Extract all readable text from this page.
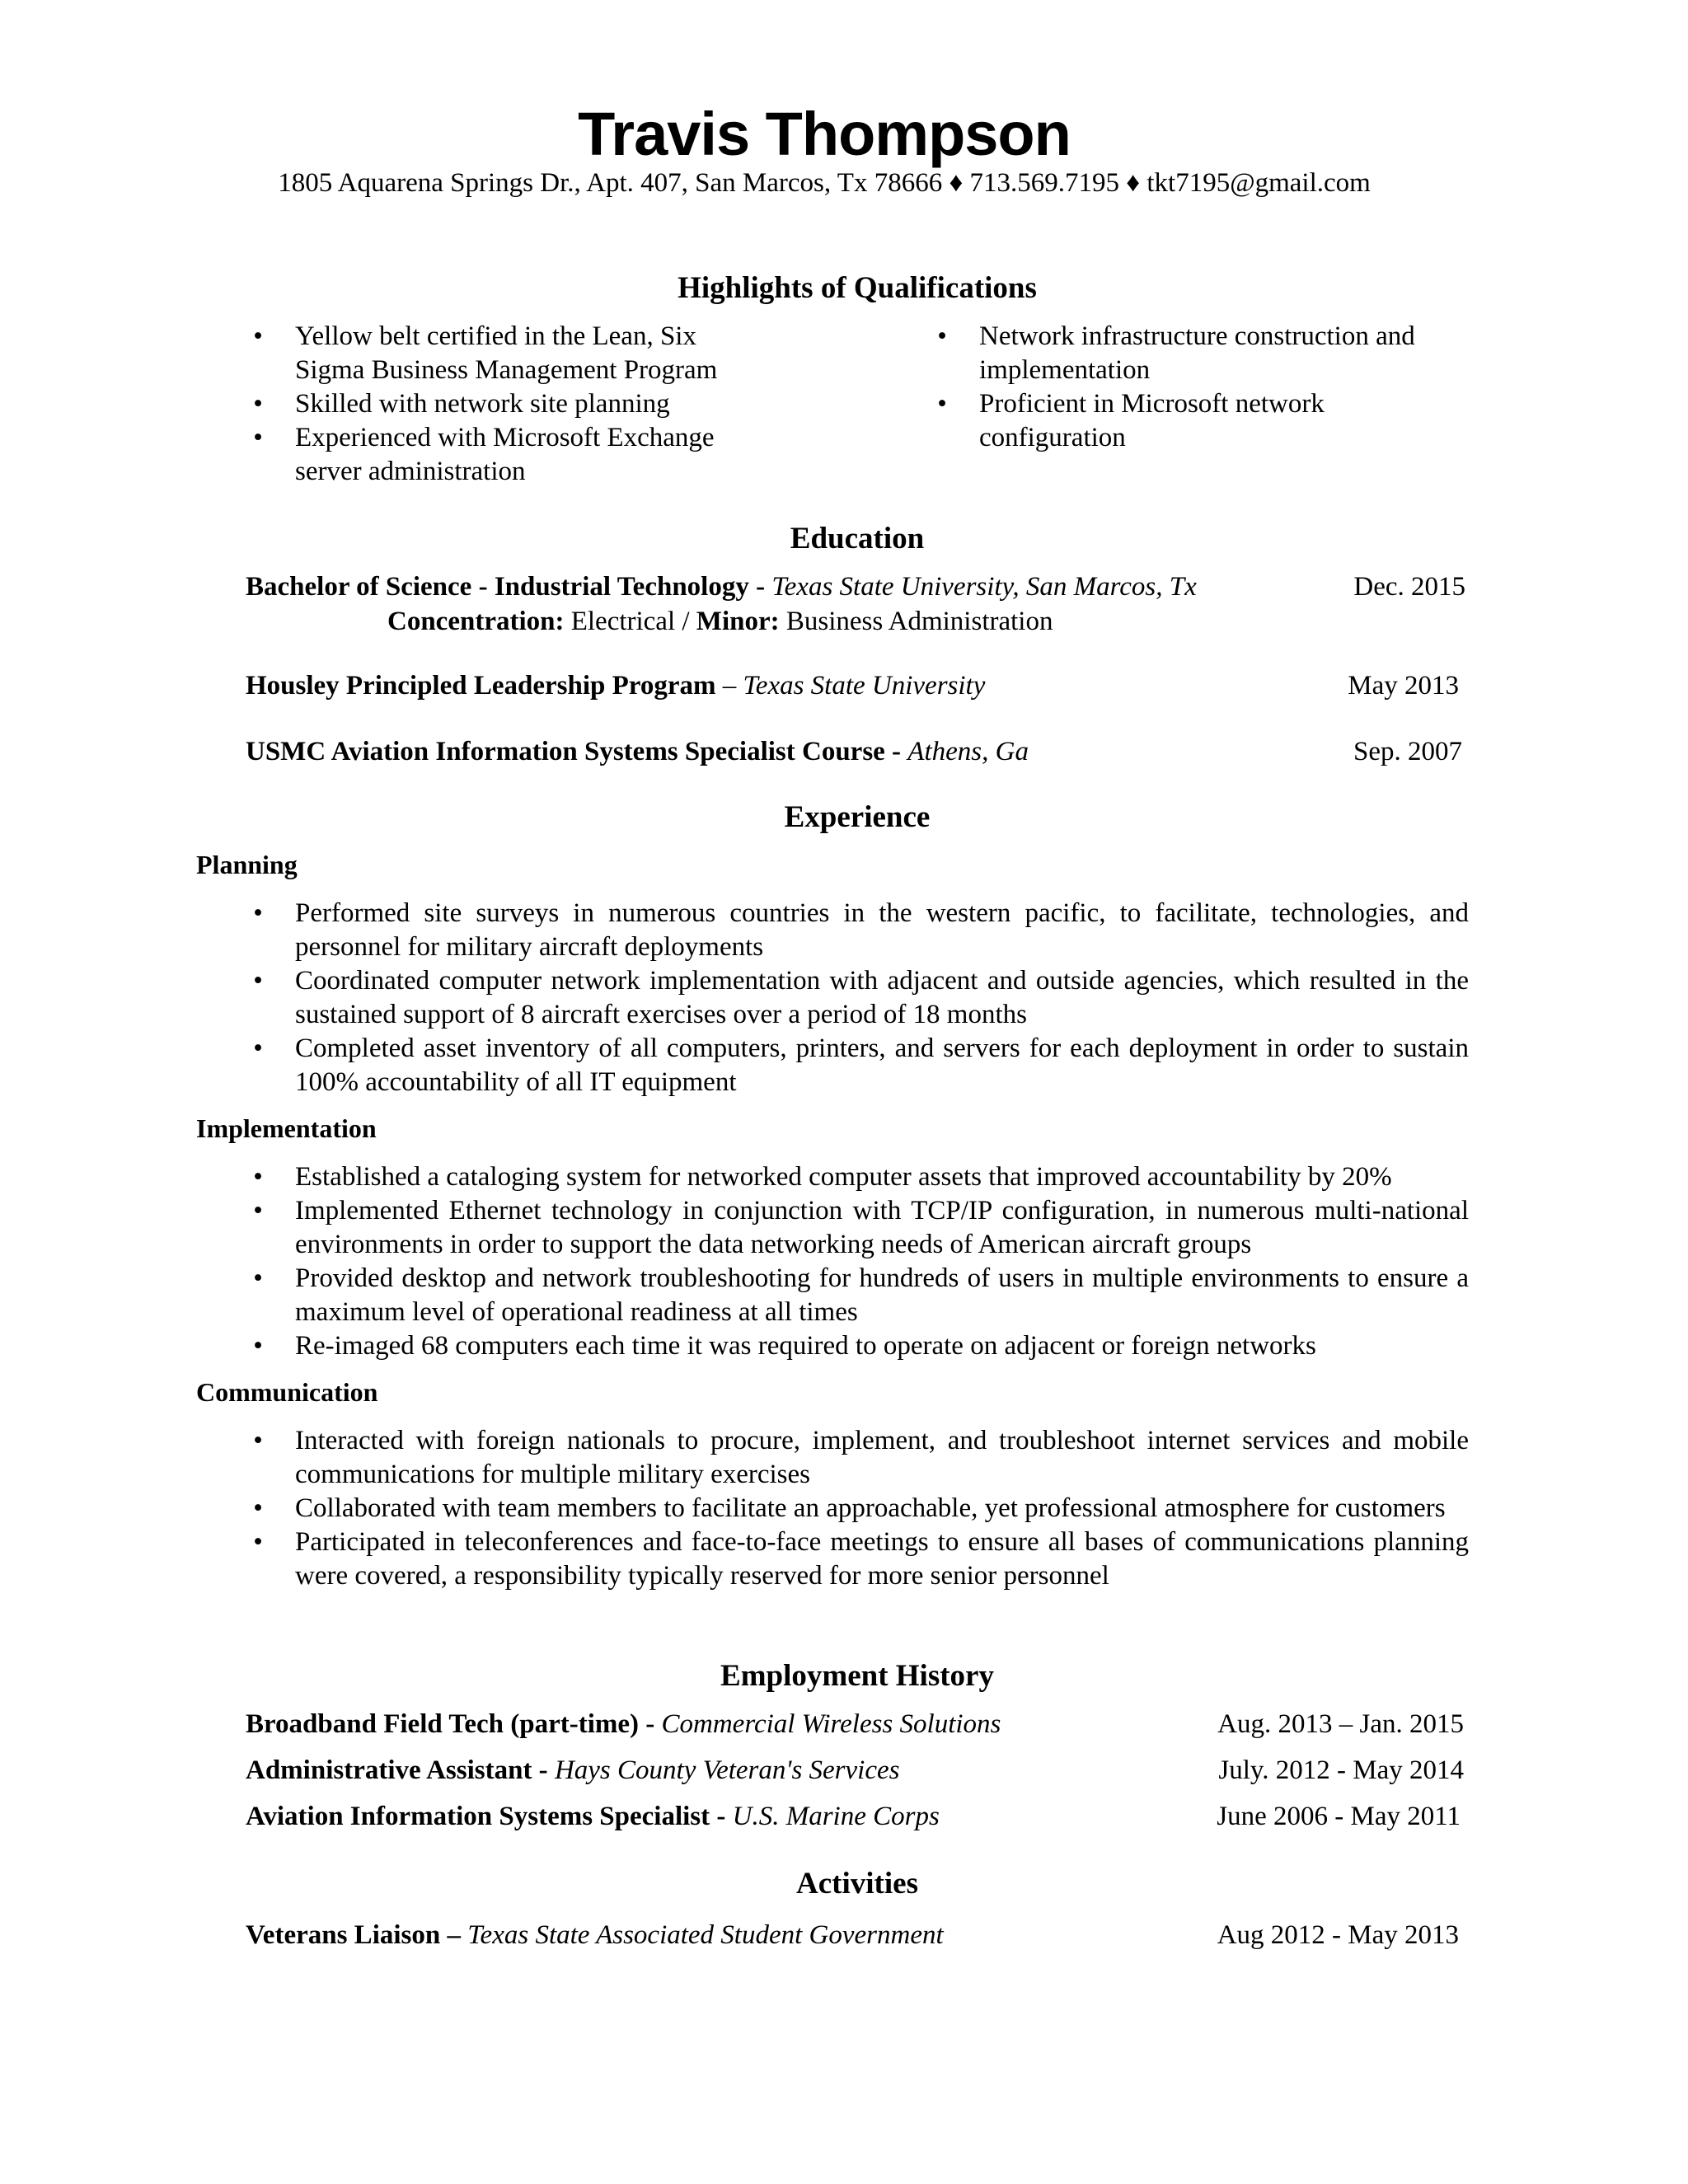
Travis Thompson
1805 Aquarena Springs Dr., Apt. 407, San Marcos, Tx 78666 ♦ 713.569.7195 ♦ tkt7195@gmail.com
Highlights of Qualifications
• Yellow belt certified in the Lean, Six Sigma Business Management Program
• Skilled with network site planning
• Experienced with Microsoft Exchange server administration
• Network infrastructure construction and implementation
• Proficient in Microsoft network configuration
Education
Bachelor of Science - Industrial Technology - Texas State University, San Marcos, Tx	Dec. 2015
Concentration: Electrical / Minor: Business Administration
Housley Principled Leadership Program – Texas State University	May 2013
USMC Aviation Information Systems Specialist Course - Athens, Ga	Sep. 2007
Experience
Planning
• Performed site surveys in numerous countries in the western pacific, to facilitate, technologies, and personnel for military aircraft deployments
• Coordinated computer network implementation with adjacent and outside agencies, which resulted in the sustained support of 8 aircraft exercises over a period of 18 months
• Completed asset inventory of all computers, printers, and servers for each deployment in order to sustain 100% accountability of all IT equipment
Implementation
• Established a cataloging system for networked computer assets that improved accountability by 20%
• Implemented Ethernet technology in conjunction with TCP/IP configuration, in numerous multi-national environments in order to support the data networking needs of American aircraft groups
• Provided desktop and network troubleshooting for hundreds of users in multiple environments to ensure a maximum level of operational readiness at all times
• Re-imaged 68 computers each time it was required to operate on adjacent or foreign networks
Communication
• Interacted with foreign nationals to procure, implement, and troubleshoot internet services and mobile communications for multiple military exercises
• Collaborated with team members to facilitate an approachable, yet professional atmosphere for customers
• Participated in teleconferences and face-to-face meetings to ensure all bases of communications planning were covered, a responsibility typically reserved for more senior personnel
Employment History
Broadband Field Tech (part-time) - Commercial Wireless Solutions	Aug. 2013 – Jan. 2015
Administrative Assistant - Hays County Veteran's Services	July. 2012 - May 2014
Aviation Information Systems Specialist - U.S. Marine Corps	June 2006 - May 2011
Activities
Veterans Liaison – Texas State Associated Student Government	Aug 2012 - May 2013
